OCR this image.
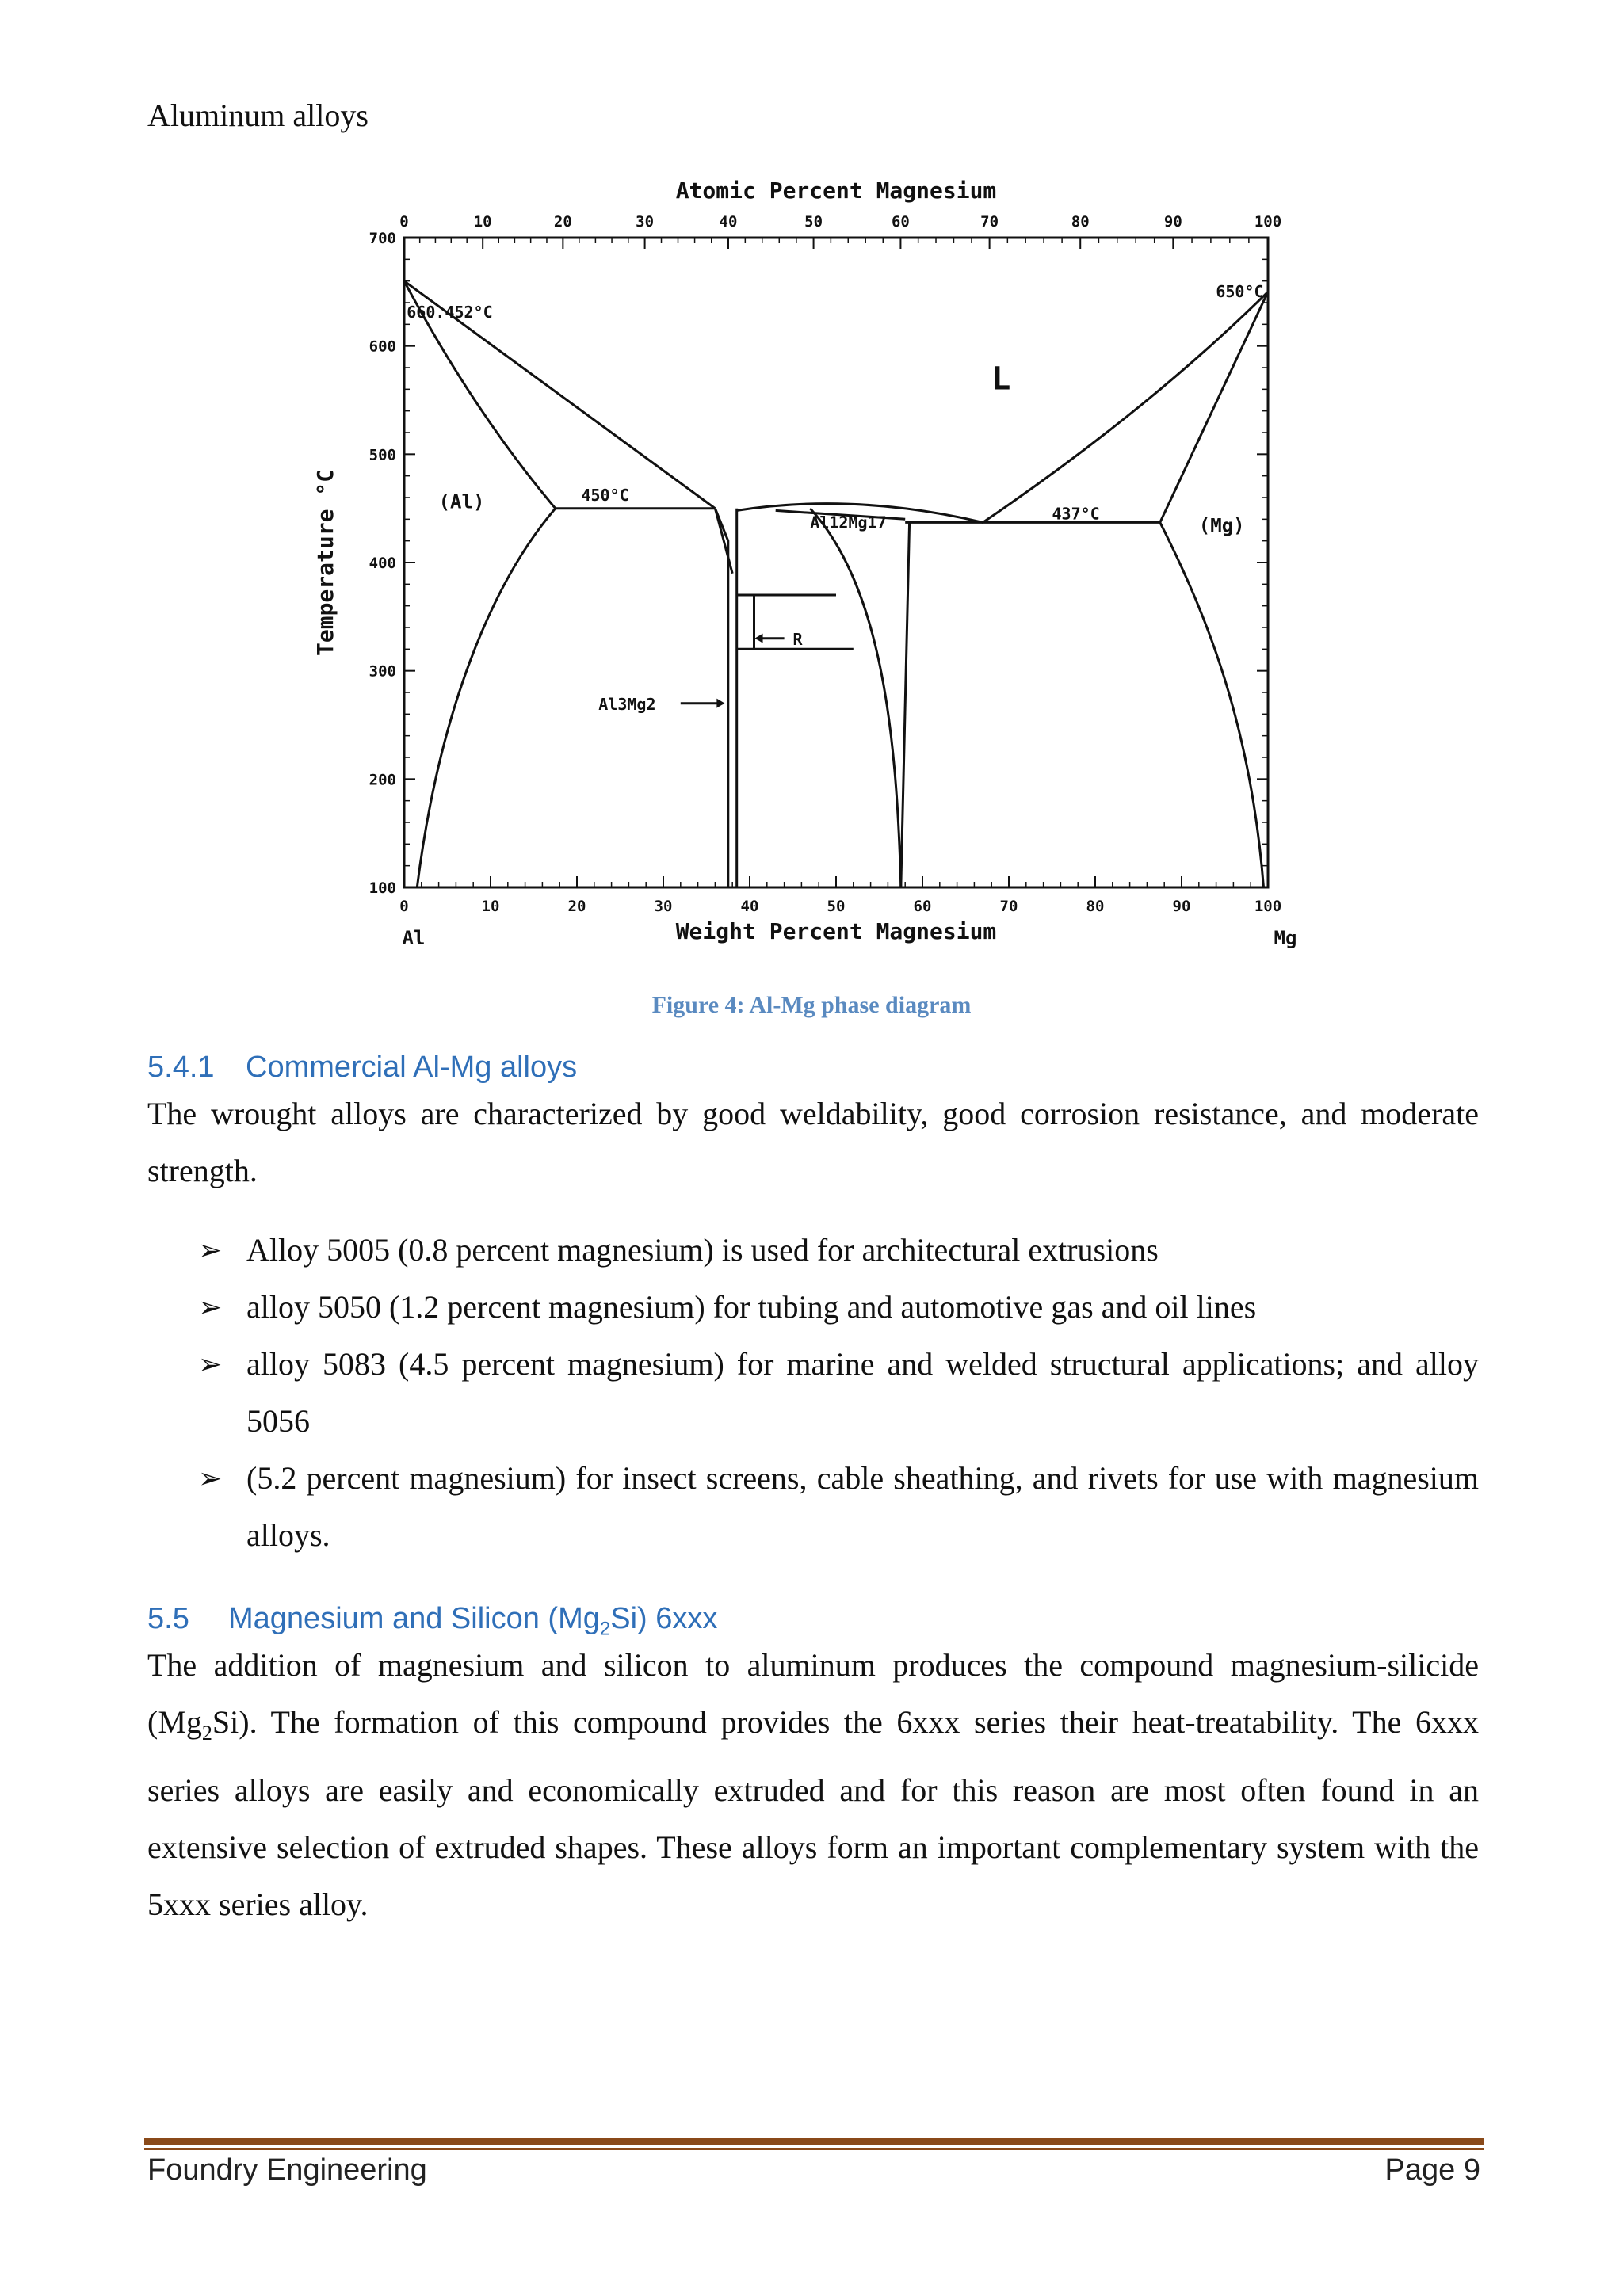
Aluminum alloys
0	10	20	30	40	50	60	70	80	90	100
0	10	20	30	40	50	60	70	80	90	100
100
200
300
400
500
600
700
Atomic Percent Magnesium
Weight Percent Magnesium
Temperature °C
Al	Mg
660.452°C
650°C
L
(Al)	450°C
437°C
(Mg)
R
Al12Mg17
Al3Mg2
Figure 4: Al-Mg phase diagram
5.4.1 Commercial Al-Mg alloys
The wrought alloys are characterized by good weldability, good corrosion resistance, and moderate strength.
➢ Alloy 5005 (0.8 percent magnesium) is used for architectural extrusions
➢ alloy 5050 (1.2 percent magnesium) for tubing and automotive gas and oil lines
➢ alloy 5083 (4.5 percent magnesium) for marine and welded structural applications; and alloy 5056
➢ (5.2 percent magnesium) for insect screens, cable sheathing, and rivets for use with magnesium alloys.
5.5 Magnesium and Silicon $(Mg_2Si)$ 6xxx
The addition of magnesium and silicon to aluminum produces the compound magnesium-silicide $(Mg_2Si)$. The formation of this compound provides the 6xxx series their heat-treatability. The 6xxx series alloys are easily and economically extruded and for this reason are most often found in an extensive selection of extruded shapes. These alloys form an important complementary system with the 5xxx series alloy.
Foundry Engineering	Page 9
